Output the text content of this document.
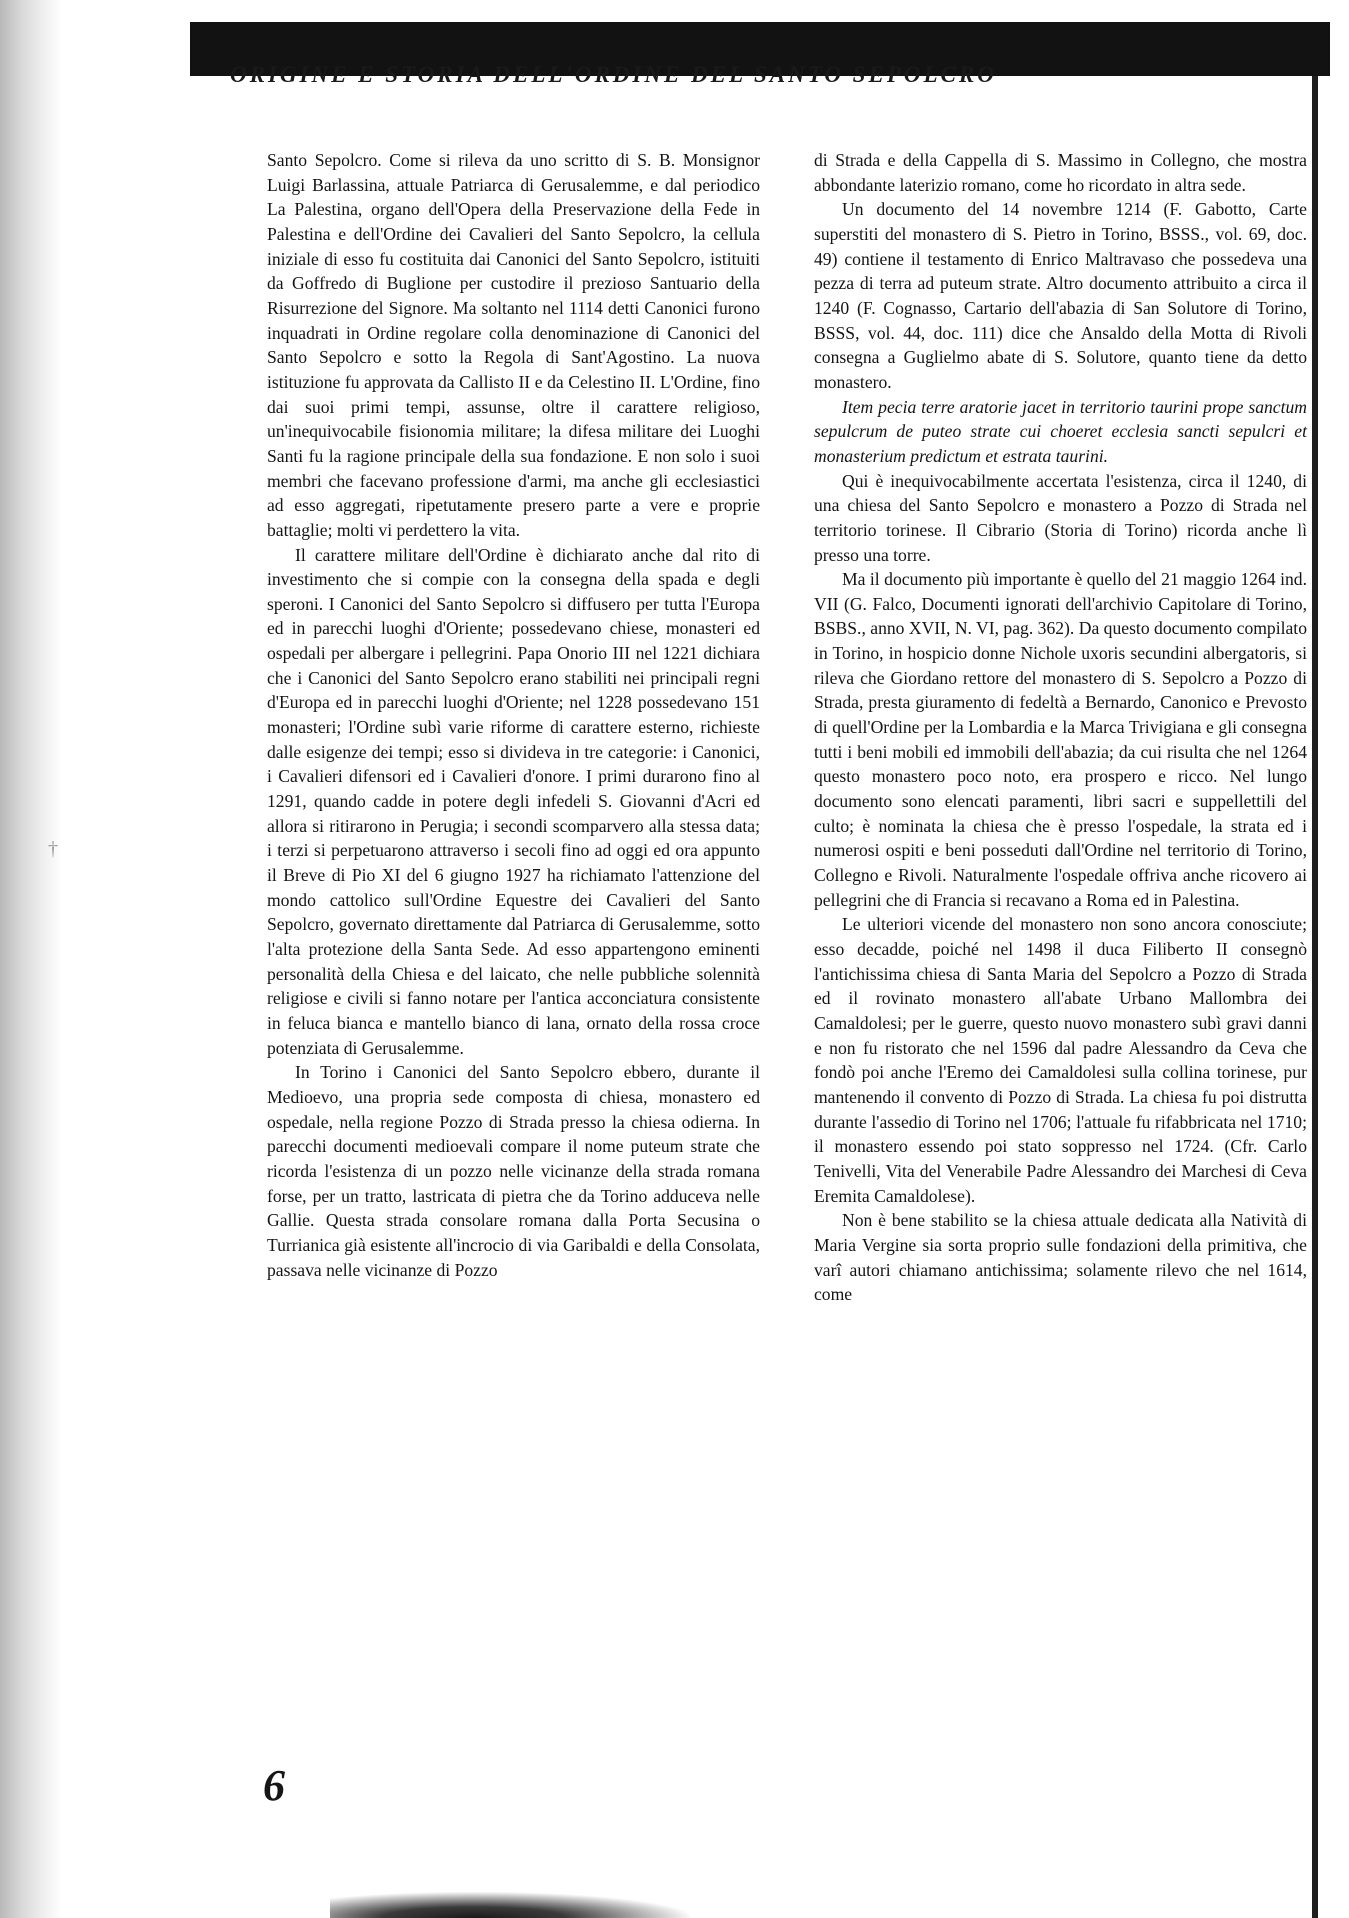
ORIGINE E STORIA DELL'ORDINE DEL SANTO SEPOLCRO

Santo Sepolcro. Come si rileva da uno scritto di S. B. Monsignor Luigi Barlassina, attuale Patriarca di Gerusalemme, e dal periodico La Palestina, organo dell'Opera della Preservazione della Fede in Palestina e dell'Ordine dei Cavalieri del Santo Sepolcro, la cellula iniziale di esso fu costituita dai Canonici del Santo Sepolcro, istituiti da Goffredo di Buglione per custodire il prezioso Santuario della Risurrezione del Signore. Ma soltanto nel 1114 detti Canonici furono inquadrati in Ordine regolare colla denominazione di Canonici del Santo Sepolcro e sotto la Regola di Sant'Agostino. La nuova istituzione fu approvata da Callisto II e da Celestino II. L'Ordine, fino dai suoi primi tempi, assunse, oltre il carattere religioso, un'inequivocabile fisionomia militare; la difesa militare dei Luoghi Santi fu la ragione principale della sua fondazione. E non solo i suoi membri che facevano professione d'armi, ma anche gli ecclesiastici ad esso aggregati, ripetutamente presero parte a vere e proprie battaglie; molti vi perdettero la vita.

Il carattere militare dell'Ordine è dichiarato anche dal rito di investimento che si compie con la consegna della spada e degli speroni. I Canonici del Santo Sepolcro si diffusero per tutta l'Europa ed in parecchi luoghi d'Oriente; possedevano chiese, monasteri ed ospedali per albergare i pellegrini. Papa Onorio III nel 1221 dichiara che i Canonici del Santo Sepolcro erano stabiliti nei principali regni d'Europa ed in parecchi luoghi d'Oriente; nel 1228 possedevano 151 monasteri; l'Ordine subì varie riforme di carattere esterno, richieste dalle esigenze dei tempi; esso si divideva in tre categorie: i Canonici, i Cavalieri difensori ed i Cavalieri d'onore. I primi durarono fino al 1291, quando cadde in potere degli infedeli S. Giovanni d'Acri ed allora si ritirarono in Perugia; i secondi scomparvero alla stessa data; i terzi si perpetuarono attraverso i secoli fino ad oggi ed ora appunto il Breve di Pio XI del 6 giugno 1927 ha richiamato l'attenzione del mondo cattolico sull'Ordine Equestre dei Cavalieri del Santo Sepolcro, governato direttamente dal Patriarca di Gerusalemme, sotto l'alta protezione della Santa Sede. Ad esso appartengono eminenti personalità della Chiesa e del laicato, che nelle pubbliche solennità religiose e civili si fanno notare per l'antica acconciatura consistente in feluca bianca e mantello bianco di lana, ornato della rossa croce potenziata di Gerusalemme.

In Torino i Canonici del Santo Sepolcro ebbero, durante il Medioevo, una propria sede composta di chiesa, monastero ed ospedale, nella regione Pozzo di Strada presso la chiesa odierna. In parecchi documenti medioevali compare il nome puteum strate che ricorda l'esistenza di un pozzo nelle vicinanze della strada romana forse, per un tratto, lastricata di pietra che da Torino adduceva nelle Gallie. Questa strada consolare romana dalla Porta Secusina o Turrianica già esistente all'incrocio di via Garibaldi e della Consolata, passava nelle vicinanze di Pozzo

di Strada e della Cappella di S. Massimo in Collegno, che mostra abbondante laterizio romano, come ho ricordato in altra sede.

Un documento del 14 novembre 1214 (F. Gabotto, Carte superstiti del monastero di S. Pietro in Torino, BSSS., vol. 69, doc. 49) contiene il testamento di Enrico Maltravaso che possedeva una pezza di terra ad puteum strate. Altro documento attribuito a circa il 1240 (F. Cognasso, Cartario dell'abazia di San Solutore di Torino, BSSS, vol. 44, doc. 111) dice che Ansaldo della Motta di Rivoli consegna a Guglielmo abate di S. Solutore, quanto tiene da detto monastero.

Item pecia terre aratorie jacet in territorio taurini prope sanctum sepulcrum de puteo strate cui choeret ecclesia sancti sepulcri et monasterium predictum et estrata taurini.

Qui è inequivocabilmente accertata l'esistenza, circa il 1240, di una chiesa del Santo Sepolcro e monastero a Pozzo di Strada nel territorio torinese. Il Cibrario (Storia di Torino) ricorda anche lì presso una torre.

Ma il documento più importante è quello del 21 maggio 1264 ind. VII (G. Falco, Documenti ignorati dell'archivio Capitolare di Torino, BSBS., anno XVII, N. VI, pag. 362). Da questo documento compilato in Torino, in hospicio donne Nichole uxoris secundini albergatoris, si rileva che Giordano rettore del monastero di S. Sepolcro a Pozzo di Strada, presta giuramento di fedeltà a Bernardo, Canonico e Prevosto di quell'Ordine per la Lombardia e la Marca Trivigiana e gli consegna tutti i beni mobili ed immobili dell'abazia; da cui risulta che nel 1264 questo monastero poco noto, era prospero e ricco. Nel lungo documento sono elencati paramenti, libri sacri e suppellettili del culto; è nominata la chiesa che è presso l'ospedale, la strata ed i numerosi ospiti e beni posseduti dall'Ordine nel territorio di Torino, Collegno e Rivoli. Naturalmente l'ospedale offriva anche ricovero ai pellegrini che di Francia si recavano a Roma ed in Palestina.

Le ulteriori vicende del monastero non sono ancora conosciute; esso decadde, poiché nel 1498 il duca Filiberto II consegnò l'antichissima chiesa di Santa Maria del Sepolcro a Pozzo di Strada ed il rovinato monastero all'abate Urbano Mallombra dei Camaldolesi; per le guerre, questo nuovo monastero subì gravi danni e non fu ristorato che nel 1596 dal padre Alessandro da Ceva che fondò poi anche l'Eremo dei Camaldolesi sulla collina torinese, pur mantenendo il convento di Pozzo di Strada. La chiesa fu poi distrutta durante l'assedio di Torino nel 1706; l'attuale fu rifabbricata nel 1710; il monastero essendo poi stato soppresso nel 1724. (Cfr. Carlo Tenivelli, Vita del Venerabile Padre Alessandro dei Marchesi di Ceva Eremita Camaldolese).

Non è bene stabilito se la chiesa attuale dedicata alla Natività di Maria Vergine sia sorta proprio sulle fondazioni della primitiva, che varî autori chiamano antichissima; solamente rilevo che nel 1614, come

6
†
